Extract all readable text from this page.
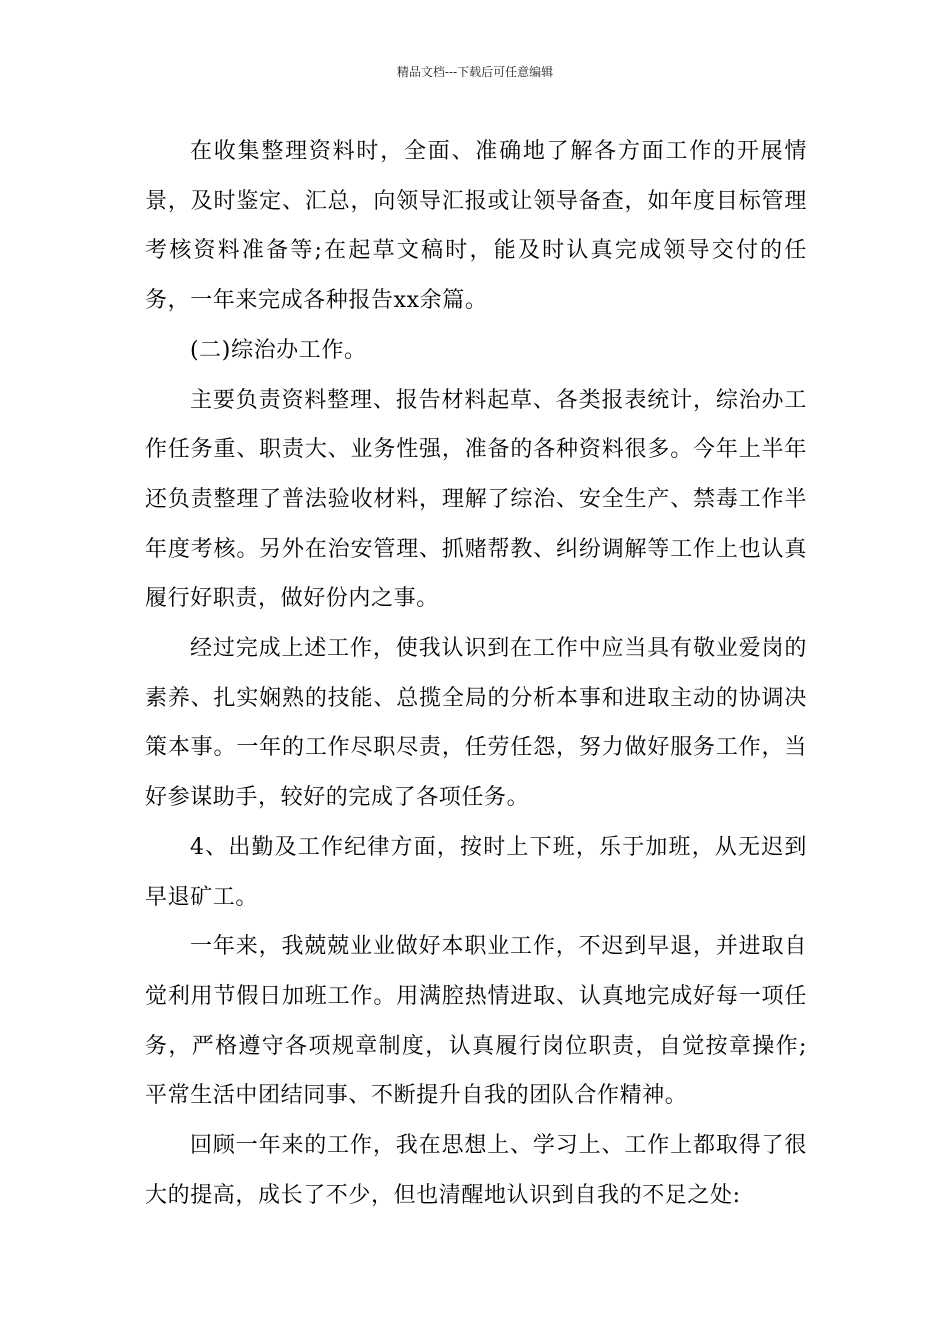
精品文档---下载后可任意编辑

在收集整理资料时，全面、准确地了解各方面工作的开展情景，及时鉴定、汇总，向领导汇报或让领导备查，如年度目标管理考核资料准备等;在起草文稿时，能及时认真完成领导交付的任务，一年来完成各种报告xx余篇。

(二)综治办工作。

主要负责资料整理、报告材料起草、各类报表统计，综治办工作任务重、职责大、业务性强，准备的各种资料很多。今年上半年还负责整理了普法验收材料，理解了综治、安全生产、禁毒工作半年度考核。另外在治安管理、抓赌帮教、纠纷调解等工作上也认真履行好职责，做好份内之事。

经过完成上述工作，使我认识到在工作中应当具有敬业爱岗的素养、扎实娴熟的技能、总揽全局的分析本事和进取主动的协调决策本事。一年的工作尽职尽责，任劳任怨，努力做好服务工作，当好参谋助手，较好的完成了各项任务。

4、出勤及工作纪律方面，按时上下班，乐于加班，从无迟到早退矿工。

一年来，我兢兢业业做好本职业工作，不迟到早退，并进取自觉利用节假日加班工作。用满腔热情进取、认真地完成好每一项任务，严格遵守各项规章制度，认真履行岗位职责，自觉按章操作;平常生活中团结同事、不断提升自我的团队合作精神。

回顾一年来的工作，我在思想上、学习上、工作上都取得了很大的提高，成长了不少，但也清醒地认识到自我的不足之处:
